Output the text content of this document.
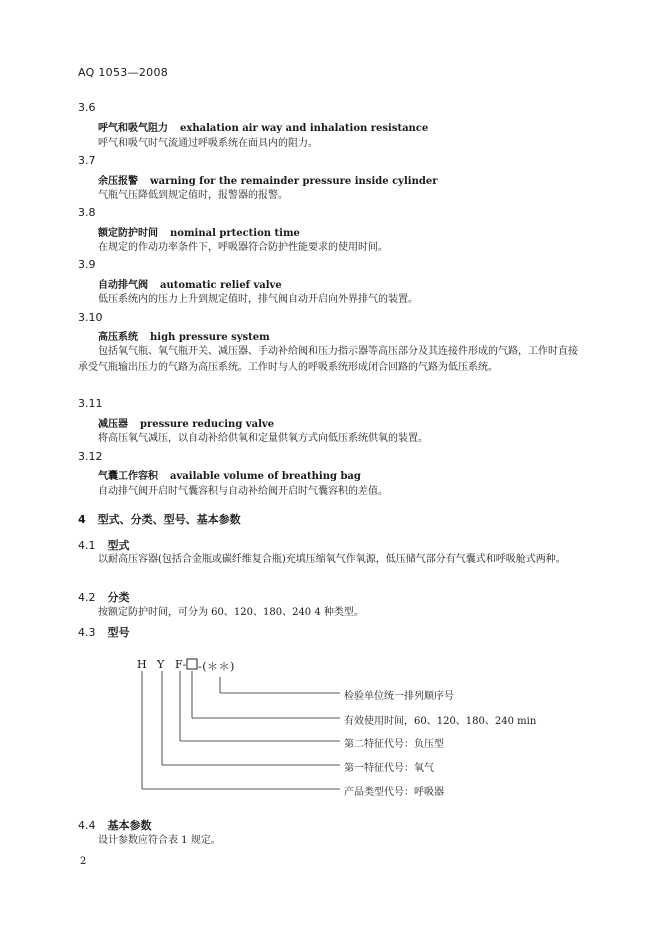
AQ 1053—2008
3.6
呼气和吸气阻力 exhalation air way and inhalation resistance
呼气和吸气时气流通过呼吸系统在面具内的阻力。
3.7
余压报警 warning for the remainder pressure inside cylinder
气瓶气压降低到规定值时，报警器的报警。
3.8
额定防护时间 nominal prtection time
在规定的作动功率条件下，呼吸器符合防护性能要求的使用时间。
3.9
自动排气阀 automatic relief valve
低压系统内的压力上升到规定值时，排气阀自动开启向外界排气的装置。
3.10
高压系统 high pressure system
包括氧气瓶、氧气瓶开关、减压器、手动补给阀和压力指示器等高压部分及其连接件形成的气路，工作时直接承受气瓶输出压力的气路为高压系统。工作时与人的呼吸系统形成闭合回路的气路为低压系统。
3.11
减压器 pressure reducing valve
将高压氧气减压，以自动补给供氧和定量供氧方式向低压系统供氧的装置。
3.12
气囊工作容积 available volume of breathing bag
自动排气阀开启时气囊容积与自动补给阀开启时气囊容积的差值。
4 型式、分类、型号、基本参数
4.1 型式
以耐高压容器(包括合金瓶或碳纤维复合瓶)充填压缩氧气作氧源，低压储气部分有气囊式和呼吸舱式两种。
4.2 分类
按额定防护时间，可分为 60、120、180、240 4 种类型。
4.3 型号
H Y F- -(＊＊)
检验单位统一排列顺序号
有效使用时间，60、120、180、240 min
第二特征代号：负压型
第一特征代号：氧气
产品类型代号：呼吸器
4.4 基本参数
设计参数应符合表 1 规定。
2
